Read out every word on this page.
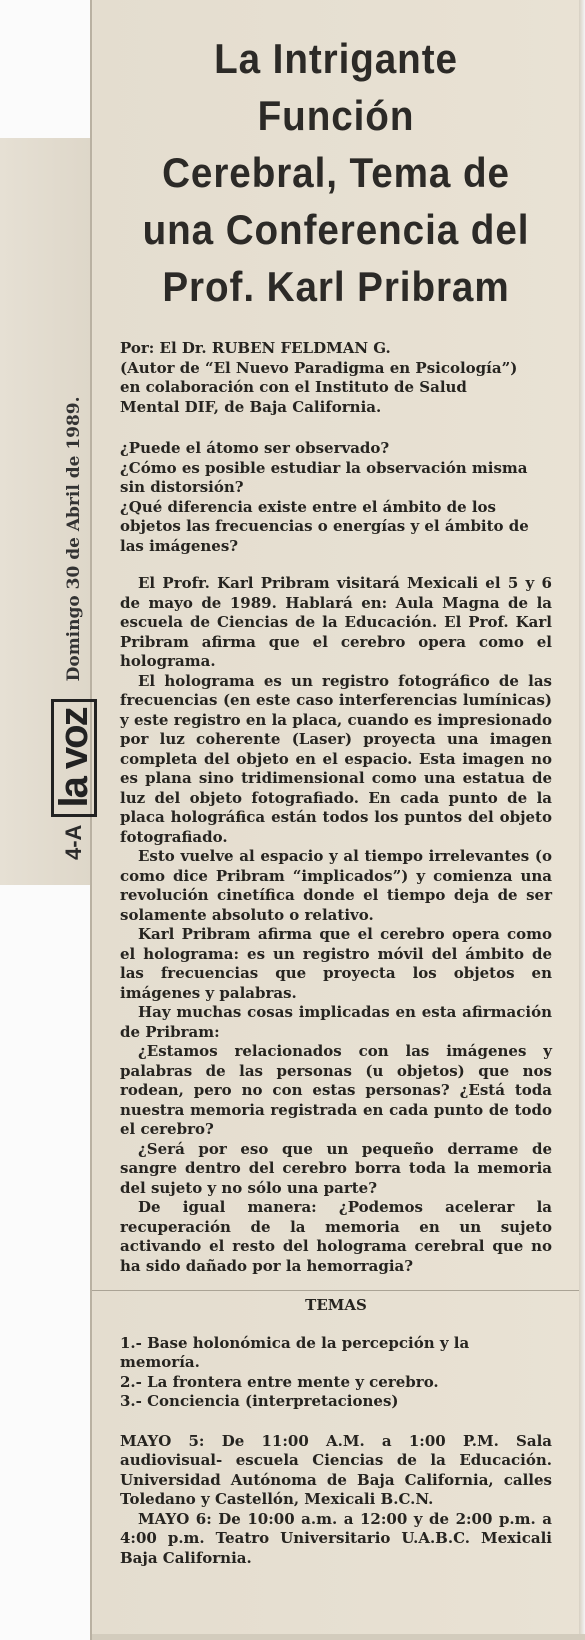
4-A
la voz
Domingo 30 de Abril de 1989.
La Intrigante Función
Cerebral, Tema de
una Conferencia del
Prof. Karl Pribram
Por: El Dr. RUBEN FELDMAN G.
(Autor de “El Nuevo Paradigma en Psicología”)
en colaboración con el Instituto de Salud
Mental DIF, de Baja California.

¿Puede el átomo ser observado?

¿Cómo es posible estudiar la observación misma sin distorsión?

¿Qué diferencia existe entre el ámbito de los objetos las frecuencias o energías y el ámbito de las imágenes?

El Profr. Karl Pribram visitará Mexicali el 5 y 6 de mayo de 1989. Hablará en: Aula Magna de la escuela de Ciencias de la Educación. El Prof. Karl Pribram afirma que el cerebro opera como el holograma.

El holograma es un registro fotográfico de las frecuencias (en este caso interferencias lumínicas) y este registro en la placa, cuando es impresionado por luz coherente (Laser) proyecta una imagen completa del objeto en el espacio. Esta imagen no es plana sino tridimensional como una estatua de luz del objeto fotografiado. En cada punto de la placa holográfica están todos los puntos del objeto fotografiado.

Esto vuelve al espacio y al tiempo irrelevantes (o como dice Pribram “implicados”) y comienza una revolución cinetífica donde el tiempo deja de ser solamente absoluto o relativo.

Karl Pribram afirma que el cerebro opera como el holograma: es un registro móvil del ámbito de las frecuencias que proyecta los objetos en imágenes y palabras.

Hay muchas cosas implicadas en esta afirmación de Pribram:

¿Estamos relacionados con las imágenes y palabras de las personas (u objetos) que nos rodean, pero no con estas personas? ¿Está toda nuestra memoria registrada en cada punto de todo el cerebro?

¿Será por eso que un pequeño derrame de sangre dentro del cerebro borra toda la memoria del sujeto y no sólo una parte?

De igual manera: ¿Podemos acelerar la recuperación de la memoria en un sujeto activando el resto del holograma cerebral que no ha sido dañado por la hemorragia?

TEMAS

1.- Base holonómica de la percepción y la memoría.

2.- La frontera entre mente y cerebro.

3.- Conciencia (interpretaciones)

MAYO 5: De 11:00 A.M. a 1:00 P.M. Sala audiovisual- escuela Ciencias de la Educación. Universidad Autónoma de Baja California, calles Toledano y Castellón, Mexicali B.C.N.

MAYO 6: De 10:00 a.m. a 12:00 y de 2:00 p.m. a 4:00 p.m. Teatro Universitario U.A.B.C. Mexicali Baja California.
